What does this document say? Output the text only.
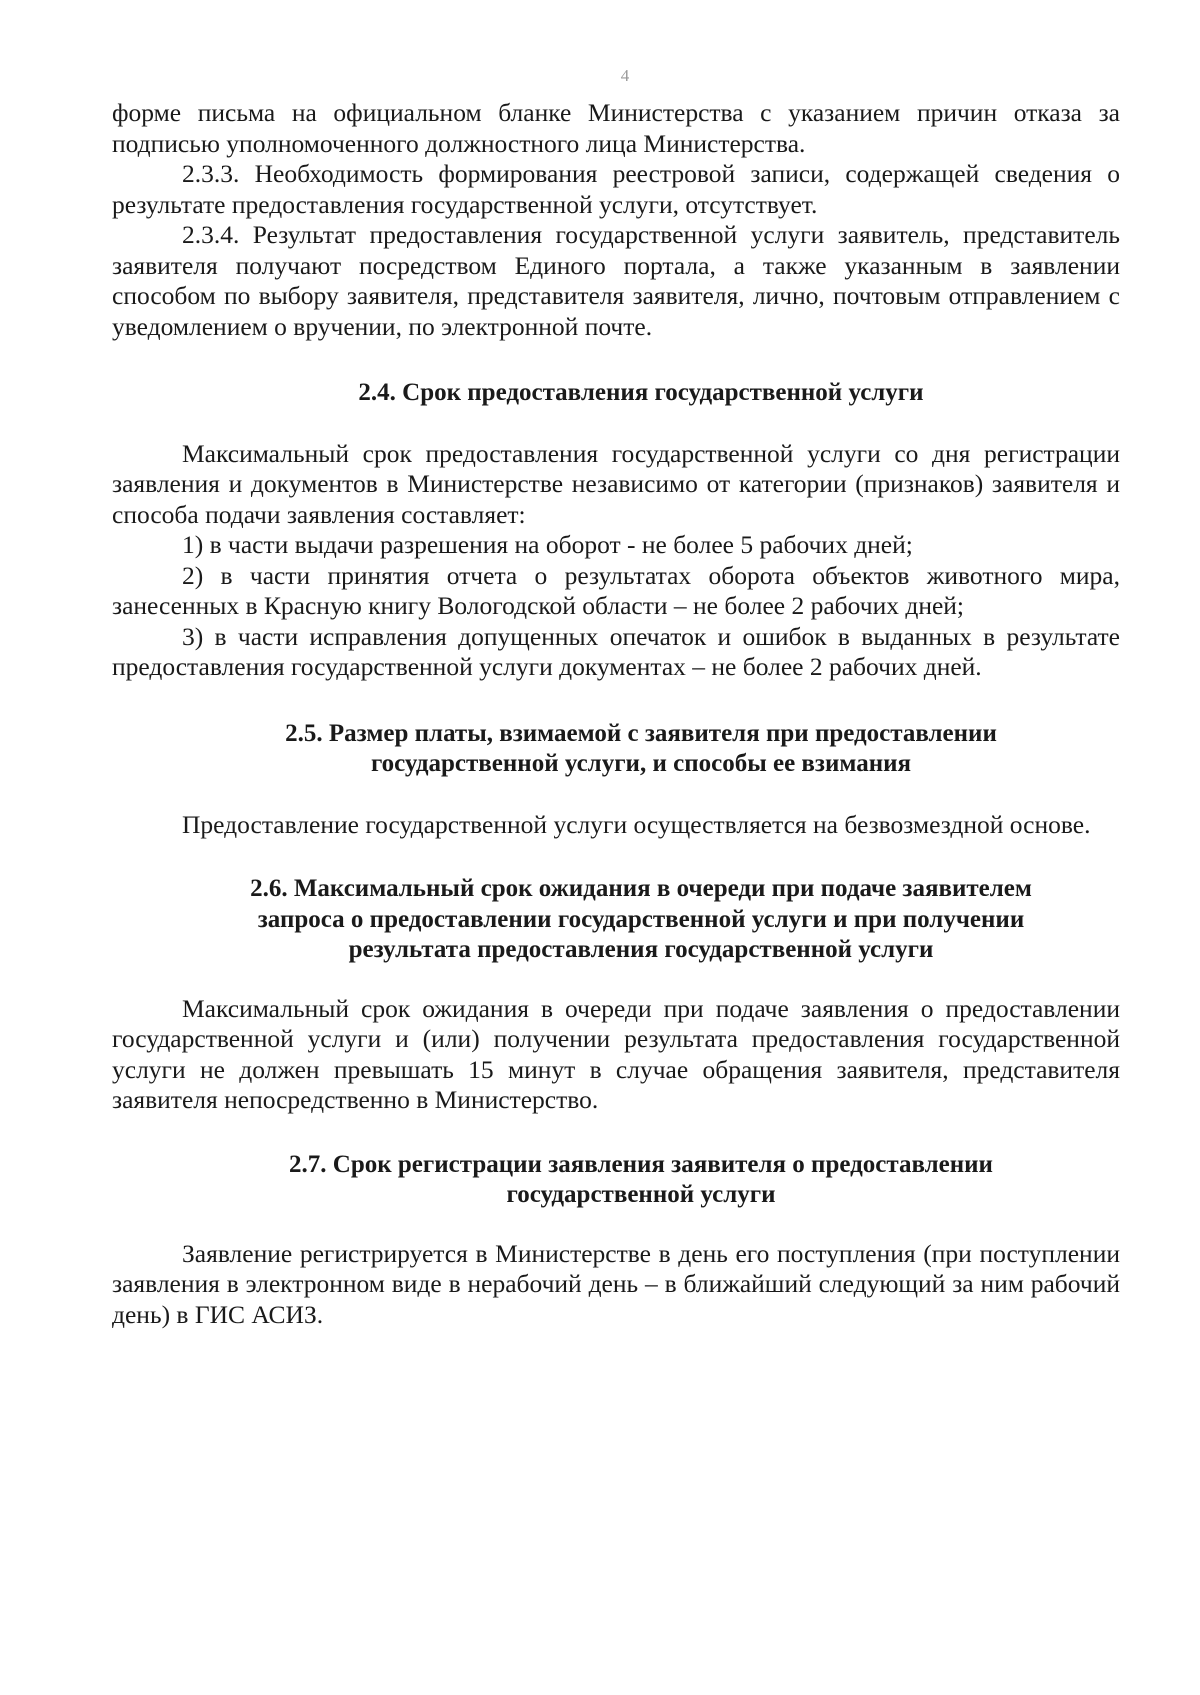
4

форме письма на официальном бланке Министерства с указанием причин отказа за подписью уполномоченного должностного лица Министерства.

2.3.3. Необходимость формирования реестровой записи, содержащей сведения о результате предоставления государственной услуги, отсутствует.

2.3.4. Результат предоставления государственной услуги заявитель, представитель заявителя получают посредством Единого портала, а также указанным в заявлении способом по выбору заявителя, представителя заявителя, лично, почтовым отправлением с уведомлением о вручении, по электронной почте.

2.4. Срок предоставления государственной услуги

Максимальный срок предоставления государственной услуги со дня регистрации заявления и документов в Министерстве независимо от категории (признаков) заявителя и способа подачи заявления составляет:

1) в части выдачи разрешения на оборот - не более 5 рабочих дней;

2) в части принятия отчета о результатах оборота объектов животного мира, занесенных в Красную книгу Вологодской области – не более 2 рабочих дней;

3) в части исправления допущенных опечаток и ошибок в выданных в результате предоставления государственной услуги документах – не более 2 рабочих дней.

2.5. Размер платы, взимаемой с заявителя при предоставлении

государственной услуги, и способы ее взимания

Предоставление государственной услуги осуществляется на безвозмездной основе.

2.6. Максимальный срок ожидания в очереди при подаче заявителем

запроса о предоставлении государственной услуги и при получении

результата предоставления государственной услуги

Максимальный срок ожидания в очереди при подаче заявления о предоставлении государственной услуги и (или) получении результата предоставления государственной услуги не должен превышать 15 минут в случае обращения заявителя, представителя заявителя непосредственно в Министерство.

2.7. Срок регистрации заявления заявителя о предоставлении

государственной услуги

Заявление регистрируется в Министерстве в день его поступления (при поступлении заявления в электронном виде в нерабочий день – в ближайший следующий за ним рабочий день) в ГИС АСИЗ.
